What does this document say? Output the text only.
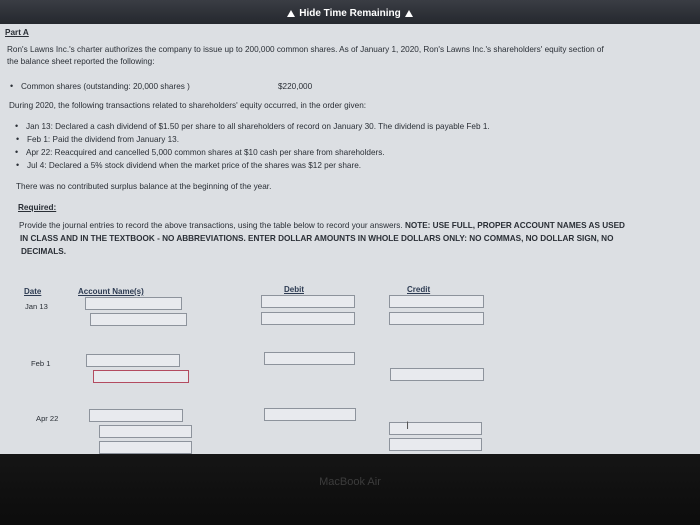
Hide Time Remaining
Part A
Ron's Lawns Inc.'s charter authorizes the company to issue up to 200,000 common shares. As of January 1, 2020, Ron's Lawns Inc.'s shareholders' equity section of
the balance sheet reported the following:
• Common shares (outstanding: 20,000 shares )	$220,000
During 2020, the following transactions related to shareholders' equity occurred, in the order given:
• Jan 13: Declared a cash dividend of $1.50 per share to all shareholders of record on January 30. The dividend is payable Feb 1.
• Feb 1: Paid the dividend from January 13.
• Apr 22: Reacquired and cancelled 5,000 common shares at $10 cash per share from shareholders.
• Jul 4: Declared a 5% stock dividend when the market price of the shares was $12 per share.
There was no contributed surplus balance at the beginning of the year.
Required:
Provide the journal entries to record the above transactions, using the table below to record your answers. NOTE: USE FULL, PROPER ACCOUNT NAMES AS USED
IN CLASS AND IN THE TEXTBOOK - NO ABBREVIATIONS. ENTER DOLLAR AMOUNTS IN WHOLE DOLLARS ONLY: NO COMMAS, NO DOLLAR SIGN, NO
DECIMALS.
Date	Account Name(s)	Debit	Credit
Jan 13
Feb 1
Apr 22
I
MacBook Air
